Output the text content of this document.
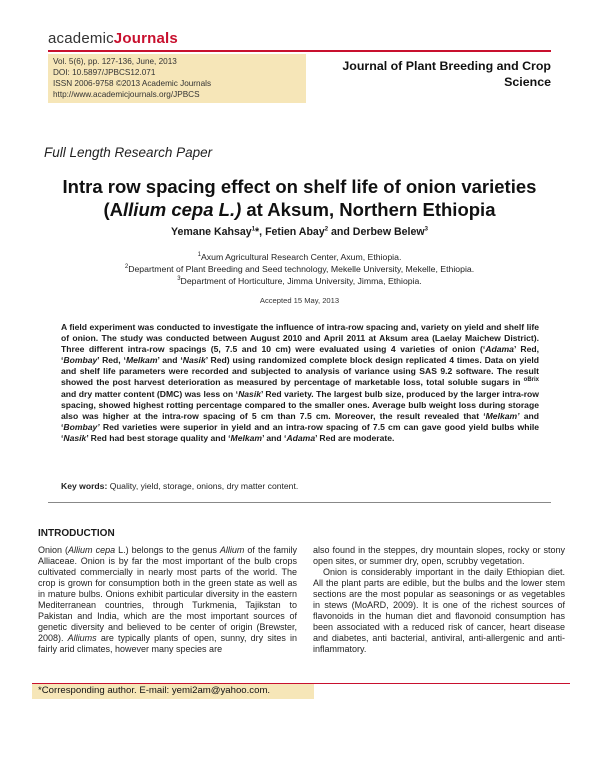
academicJournals
Vol. 5(6), pp. 127-136, June, 2013
DOI: 10.5897/JPBCS12.071
ISSN 2006-9758 ©2013 Academic Journals
http://www.academicjournals.org/JPBCS
Journal of Plant Breeding and Crop
Science
Full Length Research Paper
Intra row spacing effect on shelf life of onion varieties
(Allium cepa L.) at Aksum, Northern Ethiopia
Yemane Kahsay$^1$*, Fetien Abay$^2$ and Derbew Belew$^3$
$^1$Axum Agricultural Research Center, Axum, Ethiopia.
$^2$Department of Plant Breeding and Seed technology, Mekelle University, Mekelle, Ethiopia.
$^3$Department of Horticulture, Jimma University, Jimma, Ethiopia.
Accepted 15 May, 2013
A field experiment was conducted to investigate the influence of intra-row spacing and, variety on yield and shelf life of onion. The study was conducted between August 2010 and April 2011 at Aksum area (Laelay Maichew District). Three different intra-row spacings (5, 7.5 and 10 cm) were evaluated using 4 varieties of onion (‘Adama’ Red, ‘Bombay’ Red, ‘Melkam’ and ‘Nasik’ Red) using randomized complete block design replicated 4 times. Data on yield and shelf life parameters were recorded and subjected to analysis of variance using SAS 9.2 software. The result showed the post harvest deterioration as measured by percentage of marketable loss, total soluble sugars in $^{oBrix}$ and dry matter content (DMC) was less on ‘Nasik’ Red variety. The largest bulb size, produced by the larger intra-row spacing, showed highest rotting percentage compared to the smaller ones. Average bulb weight loss during storage also was higher at the intra-row spacing of 5 cm than 7.5 cm. Moreover, the result revealed that ‘Melkam’ and ‘Bombay’ Red varieties were superior in yield and an intra-row spacing of 7.5 cm can gave good yield bulbs while ‘Nasik’ Red had best storage quality and ‘Melkam’ and ‘Adama’ Red are moderate.
Key words: Quality, yield, storage, onions, dry matter content.
INTRODUCTION

Onion (Allium cepa L.) belongs to the genus Allium of the family Alliaceae. Onion is by far the most important of the bulb crops cultivated commercially in nearly most parts of the world. The crop is grown for consumption both in the green state as well as in mature bulbs. Onions exhibit particular diversity in the eastern Mediterranean countries, through Turkmenia, Tajikstan to Pakistan and India, which are the most important sources of genetic diversity and believed to be center of origin (Brewster, 2008). Alliums are typically plants of open, sunny, dry sites in fairly arid climates, however many species are

also found in the steppes, dry mountain slopes, rocky or stony open sites, or summer dry, open, scrubby vegetation.

Onion is considerably important in the daily Ethiopian diet. All the plant parts are edible, but the bulbs and the lower stem sections are the most popular as seasonings or as vegetables in stews (MoARD, 2009). It is one of the richest sources of flavonoids in the human diet and flavonoid consumption has been associated with a reduced risk of cancer, heart disease and diabetes, anti bacterial, antiviral, anti-allergenic and anti-inflammatory.

*Corresponding author. E-mail: yemi2am@yahoo.com.
